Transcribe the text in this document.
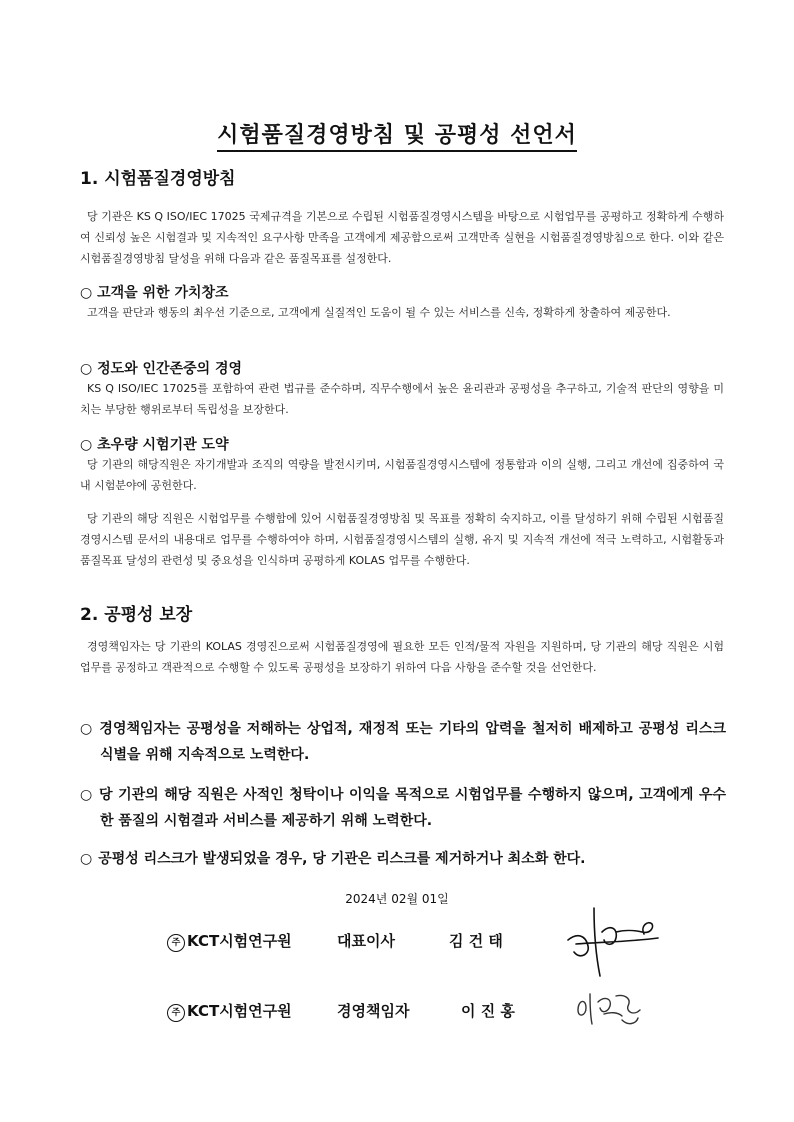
시험품질경영방침 및 공평성 선언서
1. 시험품질경영방침
당 기관은 KS Q ISO/IEC 17025 국제규격을 기본으로 수립된 시험품질경영시스템을 바탕으로 시험업무를 공평하고 정확하게 수행하여 신뢰성 높은 시험결과 및 지속적인 요구사항 만족을 고객에게 제공함으로써 고객만족 실현을 시험품질경영방침으로 한다. 이와 같은 시험품질경영방침 달성을 위해 다음과 같은 품질목표를 설정한다.
○ 고객을 위한 가치창조
고객을 판단과 행동의 최우선 기준으로, 고객에게 실질적인 도움이 될 수 있는 서비스를 신속, 정확하게 창출하여 제공한다.
○ 정도와 인간존중의 경영
KS Q ISO/IEC 17025를 포함하여 관련 법규를 준수하며, 직무수행에서 높은 윤리관과 공평성을 추구하고, 기술적 판단의 영향을 미치는 부당한 행위로부터 독립성을 보장한다.
○ 초우량 시험기관 도약
당 기관의 해당직원은 자기개발과 조직의 역량을 발전시키며, 시험품질경영시스템에 정통함과 이의 실행, 그리고 개선에 집중하여 국내 시험분야에 공헌한다.
당 기관의 해당 직원은 시험업무를 수행함에 있어 시험품질경영방침 및 목표를 정확히 숙지하고, 이를 달성하기 위해 수립된 시험품질경영시스템 문서의 내용대로 업무를 수행하여야 하며, 시험품질경영시스템의 실행, 유지 및 지속적 개선에 적극 노력하고, 시험활동과 품질목표 달성의 관련성 및 중요성을 인식하며 공평하게 KOLAS 업무를 수행한다.
2. 공평성 보장
경영책임자는 당 기관의 KOLAS 경영진으로써 시험품질경영에 필요한 모든 인적/물적 자원을 지원하며, 당 기관의 해당 직원은 시험업무를 공정하고 객관적으로 수행할 수 있도록 공평성을 보장하기 위하여 다음 사항을 준수할 것을 선언한다.
○ 경영책임자는 공평성을 저해하는 상업적, 재정적 또는 기타의 압력을 철저히 배제하고 공평성 리스크 식별을 위해 지속적으로 노력한다.
○ 당 기관의 해당 직원은 사적인 청탁이나 이익을 목적으로 시험업무를 수행하지 않으며, 고객에게 우수한 품질의 시험결과 서비스를 제공하기 위해 노력한다.
○ 공평성 리스크가 발생되었을 경우, 당 기관은 리스크를 제거하거나 최소화 한다.
2024년 02월 01일
주 KCT시험연구원	대표이사	김 건 태
주 KCT시험연구원	경영책임자	이 진 홍
